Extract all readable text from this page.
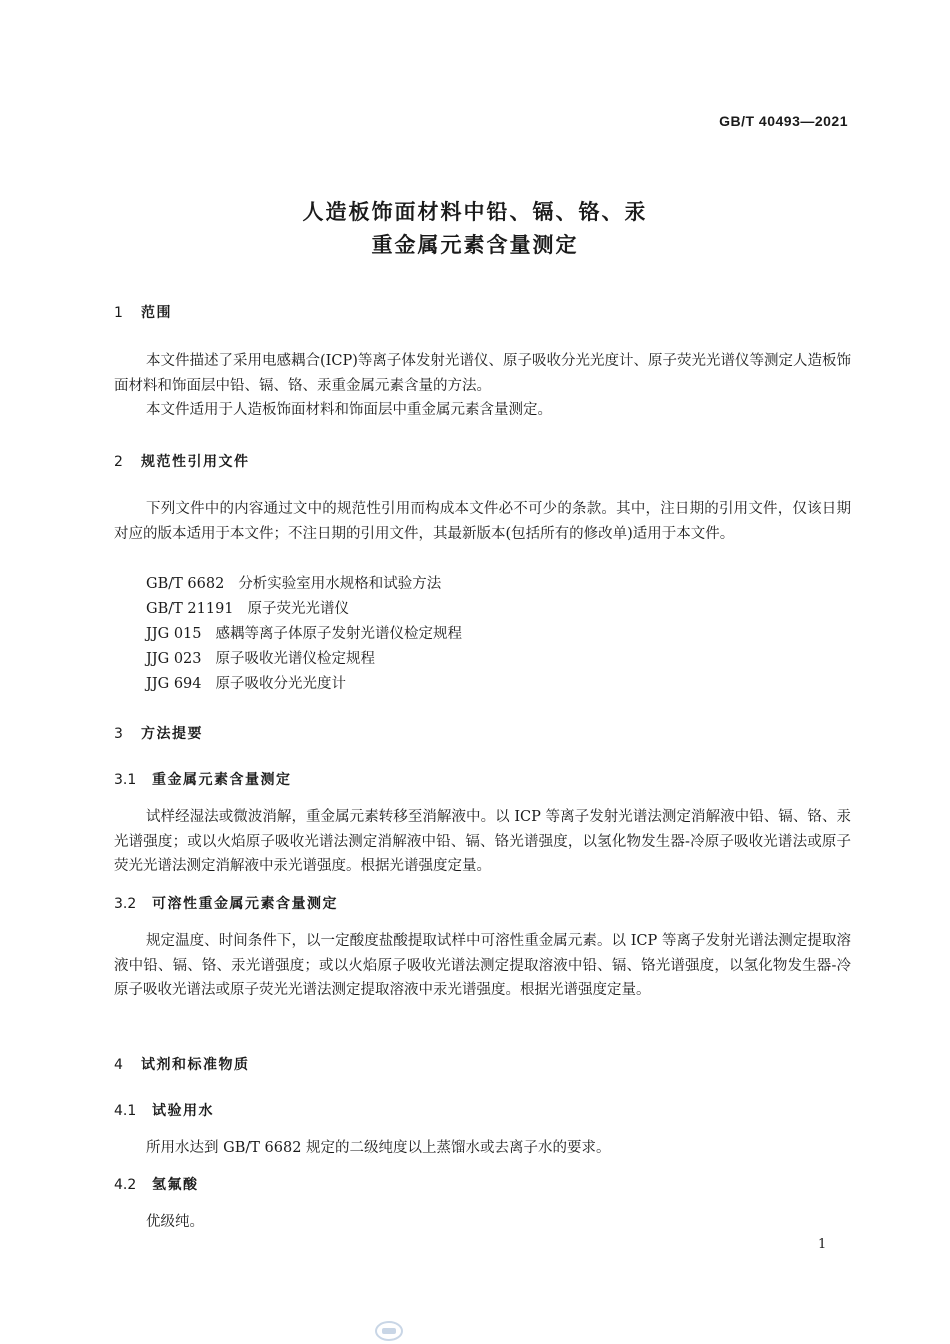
GB/T 40493—2021
人造板饰面材料中铅、镉、铬、汞
重金属元素含量测定
1 范围
本文件描述了采用电感耦合(ICP)等离子体发射光谱仪、原子吸收分光光度计、原子荧光光谱仪等测定人造板饰面材料和饰面层中铅、镉、铬、汞重金属元素含量的方法。
本文件适用于人造板饰面材料和饰面层中重金属元素含量测定。
2 规范性引用文件
下列文件中的内容通过文中的规范性引用而构成本文件必不可少的条款。其中，注日期的引用文件，仅该日期对应的版本适用于本文件；不注日期的引用文件，其最新版本(包括所有的修改单)适用于本文件。
GB/T 6682 分析实验室用水规格和试验方法
GB/T 21191 原子荧光光谱仪
JJG 015 感耦等离子体原子发射光谱仪检定规程
JJG 023 原子吸收光谱仪检定规程
JJG 694 原子吸收分光光度计
3 方法提要
3.1 重金属元素含量测定
试样经湿法或微波消解，重金属元素转移至消解液中。以 ICP 等离子发射光谱法测定消解液中铅、镉、铬、汞光谱强度；或以火焰原子吸收光谱法测定消解液中铅、镉、铬光谱强度，以氢化物发生器-冷原子吸收光谱法或原子荧光光谱法测定消解液中汞光谱强度。根据光谱强度定量。
3.2 可溶性重金属元素含量测定
规定温度、时间条件下，以一定酸度盐酸提取试样中可溶性重金属元素。以 ICP 等离子发射光谱法测定提取溶液中铅、镉、铬、汞光谱强度；或以火焰原子吸收光谱法测定提取溶液中铅、镉、铬光谱强度，以氢化物发生器-冷原子吸收光谱法或原子荧光光谱法测定提取溶液中汞光谱强度。根据光谱强度定量。
4 试剂和标准物质
4.1 试验用水
所用水达到 GB/T 6682 规定的二级纯度以上蒸馏水或去离子水的要求。
4.2 氢氟酸
优级纯。
1
